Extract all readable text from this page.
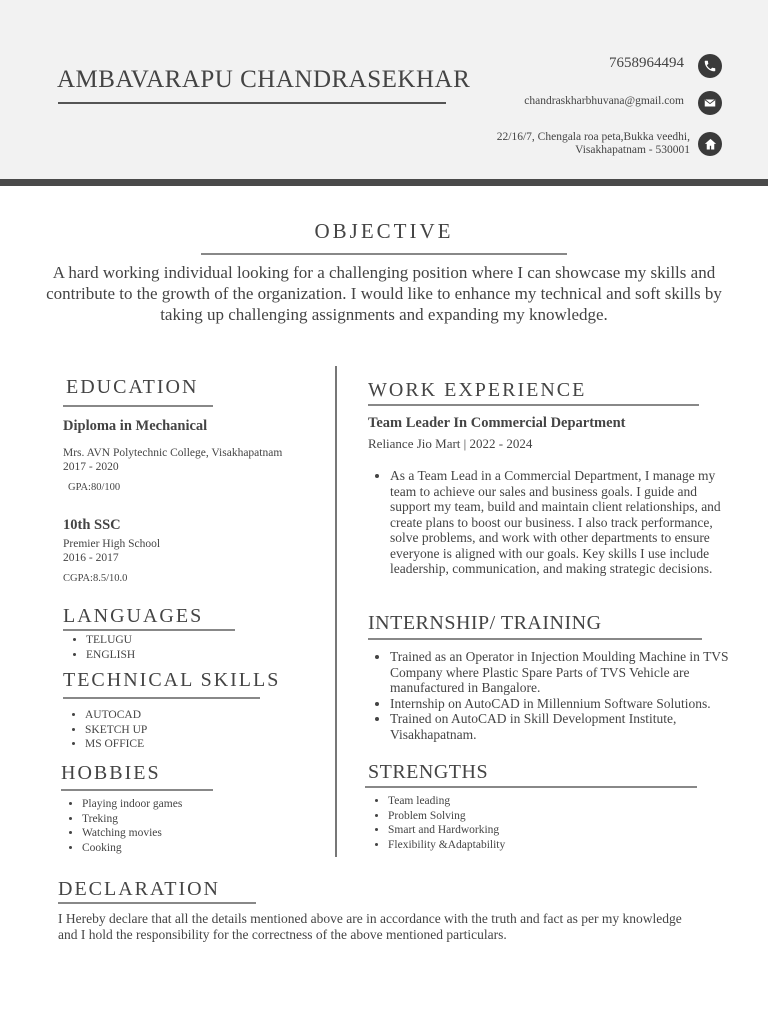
AMBAVARAPU CHANDRASEKHAR
7658964494
chandraskharbhuvana@gmail.com
22/16/7, Chengala roa peta,Bukka veedhi,
Visakhapatnam - 530001
OBJECTIVE
A hard working individual looking for a challenging position where I can showcase my skills and contribute to the growth of the organization. I would like to enhance my technical and soft skills by taking up challenging assignments and expanding my knowledge.
EDUCATION
Diploma in Mechanical
Mrs. AVN Polytechnic College, Visakhapatnam
2017 - 2020
GPA:80/100
10th SSC
Premier High School
2016 - 2017
CGPA:8.5/10.0
LANGUAGES
• TELUGU
• ENGLISH
TECHNICAL SKILLS
• AUTOCAD
• SKETCH UP
• MS OFFICE
HOBBIES
• Playing indoor games
• Treking
• Watching movies
• Cooking
WORK EXPERIENCE
Team Leader In Commercial Department
Reliance Jio Mart | 2022 - 2024
• As a Team Lead in a Commercial Department, I manage my team to achieve our sales and business goals. I guide and support my team, build and maintain client relationships, and create plans to boost our business. I also track performance, solve problems, and work with other departments to ensure everyone is aligned with our goals. Key skills I use include leadership, communication, and making strategic decisions.
INTERNSHIP/ TRAINING
• Trained as an Operator in Injection Moulding Machine in TVS Company where Plastic Spare Parts of TVS Vehicle are manufactured in Bangalore.
• Internship on AutoCAD in Millennium Software Solutions.
• Trained on AutoCAD in Skill Development Institute, Visakhapatnam.
STRENGTHS
• Team leading
• Problem Solving
• Smart and Hardworking
• Flexibility &Adaptability
DECLARATION
I Hereby declare that all the details mentioned above are in accordance with the truth and fact as per my knowledge and I hold the responsibility for the correctness of the above mentioned particulars.
